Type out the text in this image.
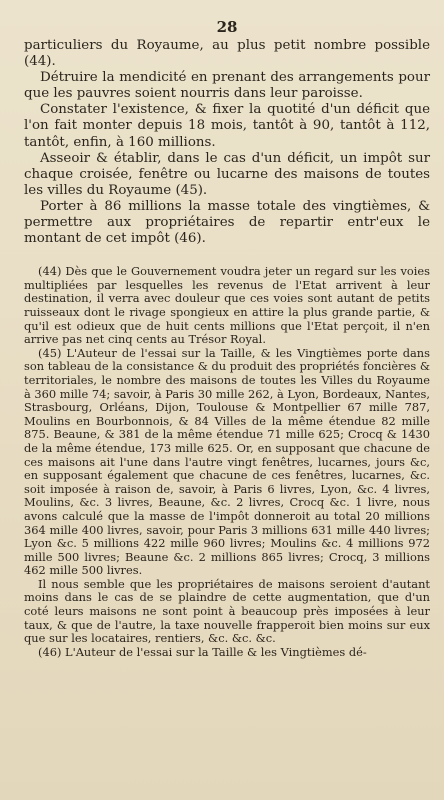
28

particuliers du Royaume, au plus petit nombre possible (44).

Détruire la mendicité en prenant des arrangements pour que les pauvres soient nourris dans leur paroisse.

Constater l'existence, & fixer la quotité d'un déficit que l'on fait monter depuis 18 mois, tantôt à 90, tantôt à 112, tantôt, enfin, à 160 millions.

Asseoir & établir, dans le cas d'un déficit, un impôt sur chaque croisée, fenêtre ou lucarne des maisons de toutes les villes du Royaume (45).

Porter à 86 millions la masse totale des vingtièmes, & permettre aux propriétaires de repartir entr'eux le montant de cet impôt (46).

(44) Dès que le Gouvernement voudra jeter un regard sur les voies multipliées par lesquelles les revenus de l'Etat arrivent à leur destination, il verra avec douleur que ces voies sont autant de petits ruisseaux dont le rivage spongieux en attire la plus grande partie, & qu'il est odieux que de huit cents millions que l'Etat perçoit, il n'en arrive pas net cinq cents au Trésor Royal.

(45) L'Auteur de l'essai sur la Taille, & les Vingtièmes porte dans son tableau de la consistance & du produit des propriétés foncières & territoriales, le nombre des maisons de toutes les Villes du Royaume à 360 mille 74; savoir, à Paris 30 mille 262, à Lyon, Bordeaux, Nantes, Strasbourg, Orléans, Dijon, Toulouse & Montpellier 67 mille 787, Moulins en Bourbonnois, & 84 Villes de la même étendue 82 mille 875. Beaune, & 381 de la même étendue 71 mille 625; Crocq & 1430 de la même étendue, 173 mille 625. Or, en supposant que chacune de ces maisons ait l'une dans l'autre vingt fenêtres, lucarnes, jours &c, en supposant également que chacune de ces fenêtres, lucarnes, &c. soit imposée à raison de, savoir, à Paris 6 livres, Lyon, &c. 4 livres, Moulins, &c. 3 livres, Beaune, &c. 2 livres, Crocq &c. 1 livre, nous avons calculé que la masse de l'impôt donneroit au total 20 millions 364 mille 400 livres, savoir, pour Paris 3 millions 631 mille 440 livres; Lyon &c. 5 millions 422 mille 960 livres; Moulins &c. 4 millions 972 mille 500 livres; Beaune &c. 2 millions 865 livres; Crocq, 3 millions 462 mille 500 livres.

Il nous semble que les propriétaires de maisons seroient d'autant moins dans le cas de se plaindre de cette augmentation, que d'un coté leurs maisons ne sont point à beaucoup près imposées à leur taux, & que de l'autre, la taxe nouvelle frapperoit bien moins sur eux que sur les locataires, rentiers, &c. &c. &c.

(46) L'Auteur de l'essai sur la Taille & les Vingtièmes dé-
